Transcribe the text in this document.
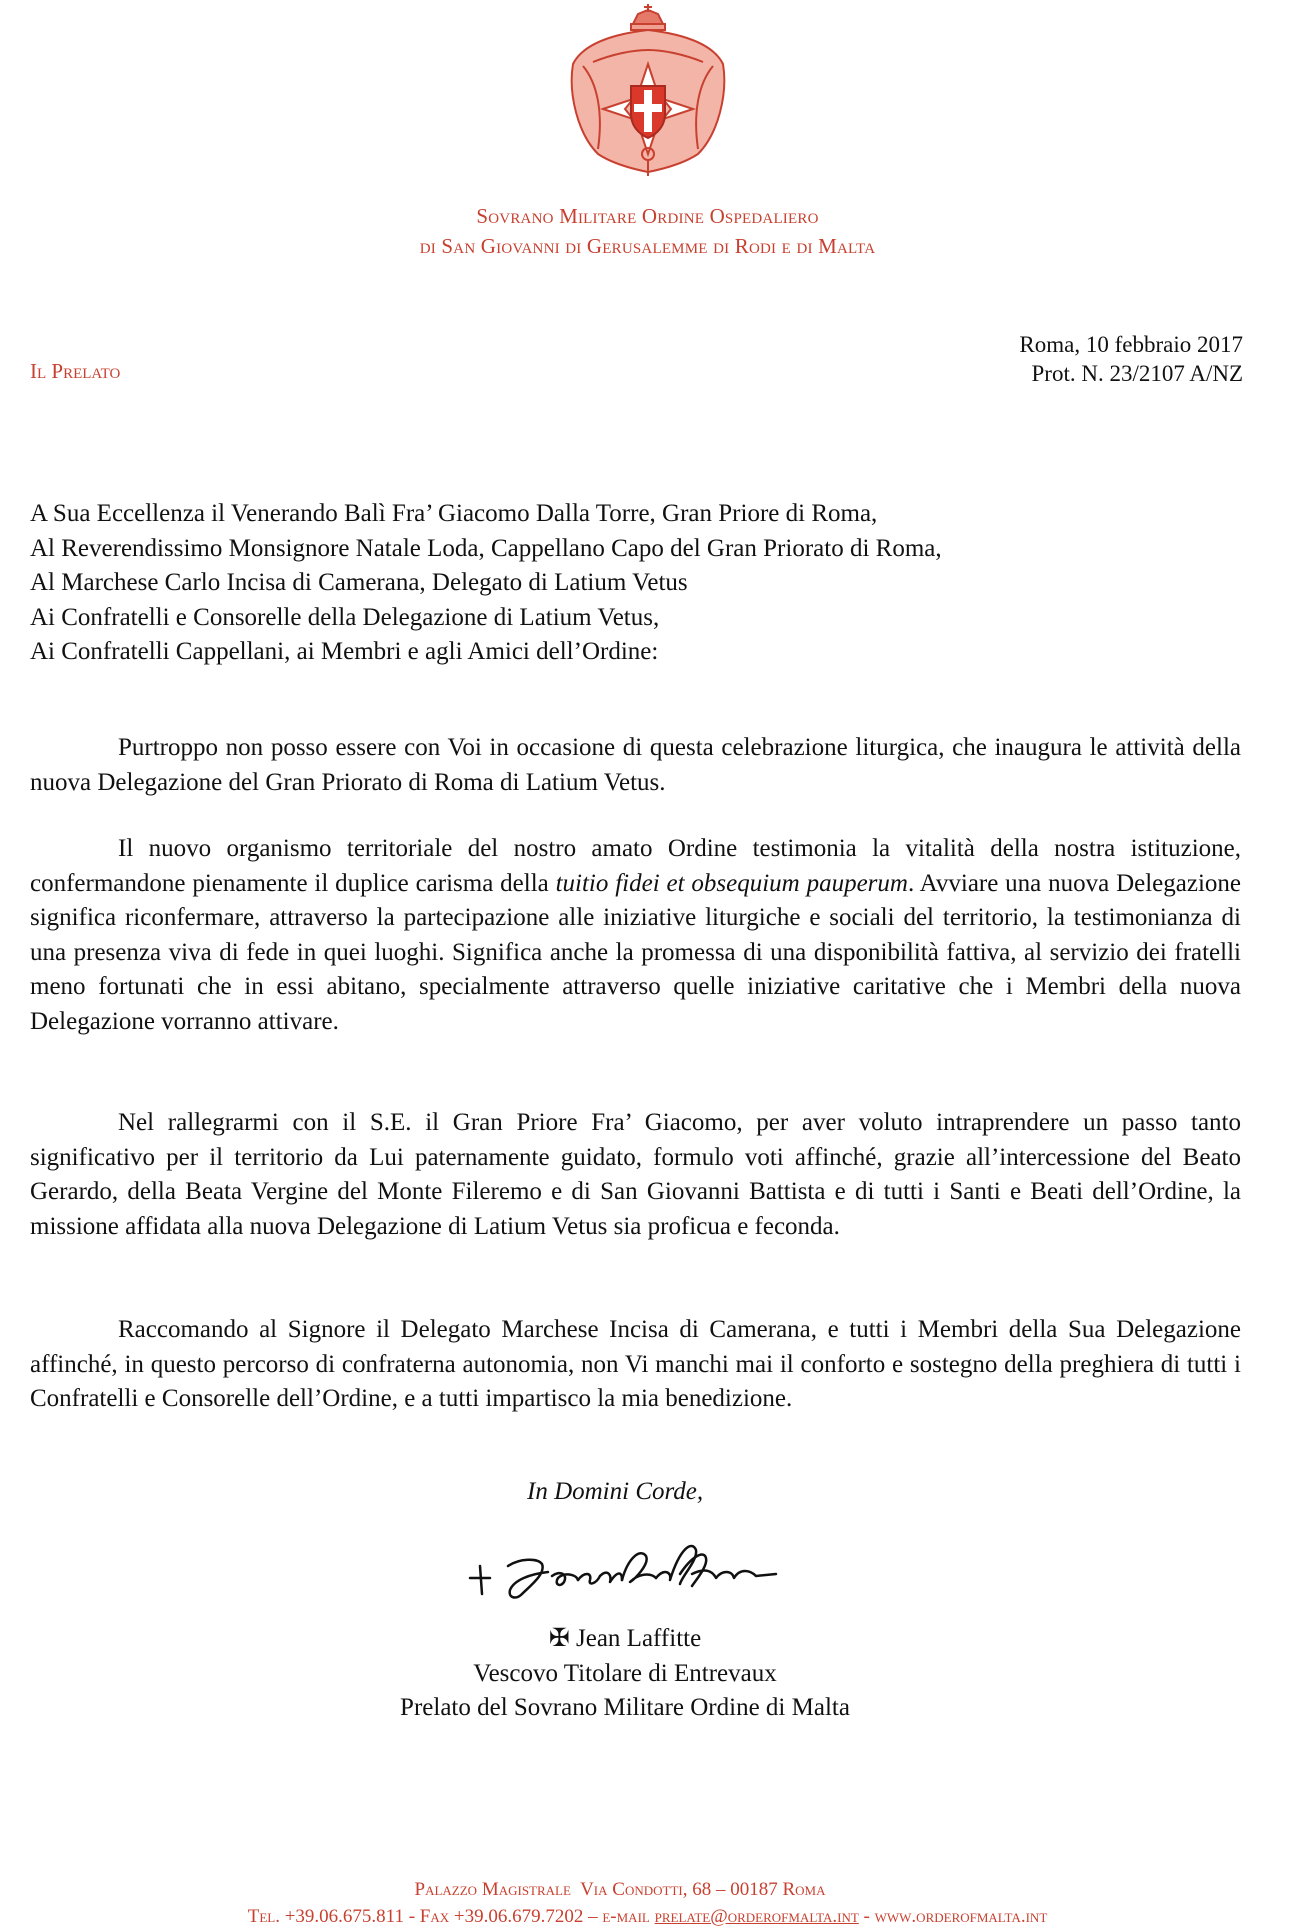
Sovrano Militare Ordine Ospedaliero
di San Giovanni di Gerusalemme di Rodi e di Malta
Il Prelato
Roma, 10 febbraio 2017
Prot. N. 23/2107 A/NZ
A Sua Eccellenza il Venerando Balì Fra’ Giacomo Dalla Torre, Gran Priore di Roma,
Al Reverendissimo Monsignore Natale Loda, Cappellano Capo del Gran Priorato di Roma,
Al Marchese Carlo Incisa di Camerana, Delegato di Latium Vetus
Ai Confratelli e Consorelle della Delegazione di Latium Vetus,
Ai Confratelli Cappellani, ai Membri e agli Amici dell’Ordine:

Purtroppo non posso essere con Voi in occasione di questa celebrazione liturgica, che inaugura le attività della nuova Delegazione del Gran Priorato di Roma di Latium Vetus.

Il nuovo organismo territoriale del nostro amato Ordine testimonia la vitalità della nostra istituzione, confermandone pienamente il duplice carisma della tuitio fidei et obsequium pauperum. Avviare una nuova Delegazione significa riconfermare, attraverso la partecipazione alle iniziative liturgiche e sociali del territorio, la testimonianza di una presenza viva di fede in quei luoghi. Significa anche la promessa di una disponibilità fattiva, al servizio dei fratelli meno fortunati che in essi abitano, specialmente attraverso quelle iniziative caritative che i Membri della nuova Delegazione vorranno attivare.

Nel rallegrarmi con il S.E. il Gran Priore Fra’ Giacomo, per aver voluto intraprendere un passo tanto significativo per il territorio da Lui paternamente guidato, formulo voti affinché, grazie all’intercessione del Beato Gerardo, della Beata Vergine del Monte Fileremo e di San Giovanni Battista e di tutti i Santi e Beati dell’Ordine, la missione affidata alla nuova Delegazione di Latium Vetus sia proficua e feconda.

Raccomando al Signore il Delegato Marchese Incisa di Camerana, e tutti i Membri della Sua Delegazione affinché, in questo percorso di confraterna autonomia, non Vi manchi mai il conforto e sostegno della preghiera di tutti i Confratelli e Consorelle dell’Ordine, e a tutti impartisco la mia benedizione.

In Domini Corde,
✠ Jean Laffitte
Vescovo Titolare di Entrevaux
Prelato del Sovrano Militare Ordine di Malta
Palazzo Magistrale  Via Condotti, 68 – 00187 Roma
Tel. +39.06.675.811 - Fax +39.06.679.7202 – e-mail prelate@orderofmalta.int - www.orderofmalta.int
